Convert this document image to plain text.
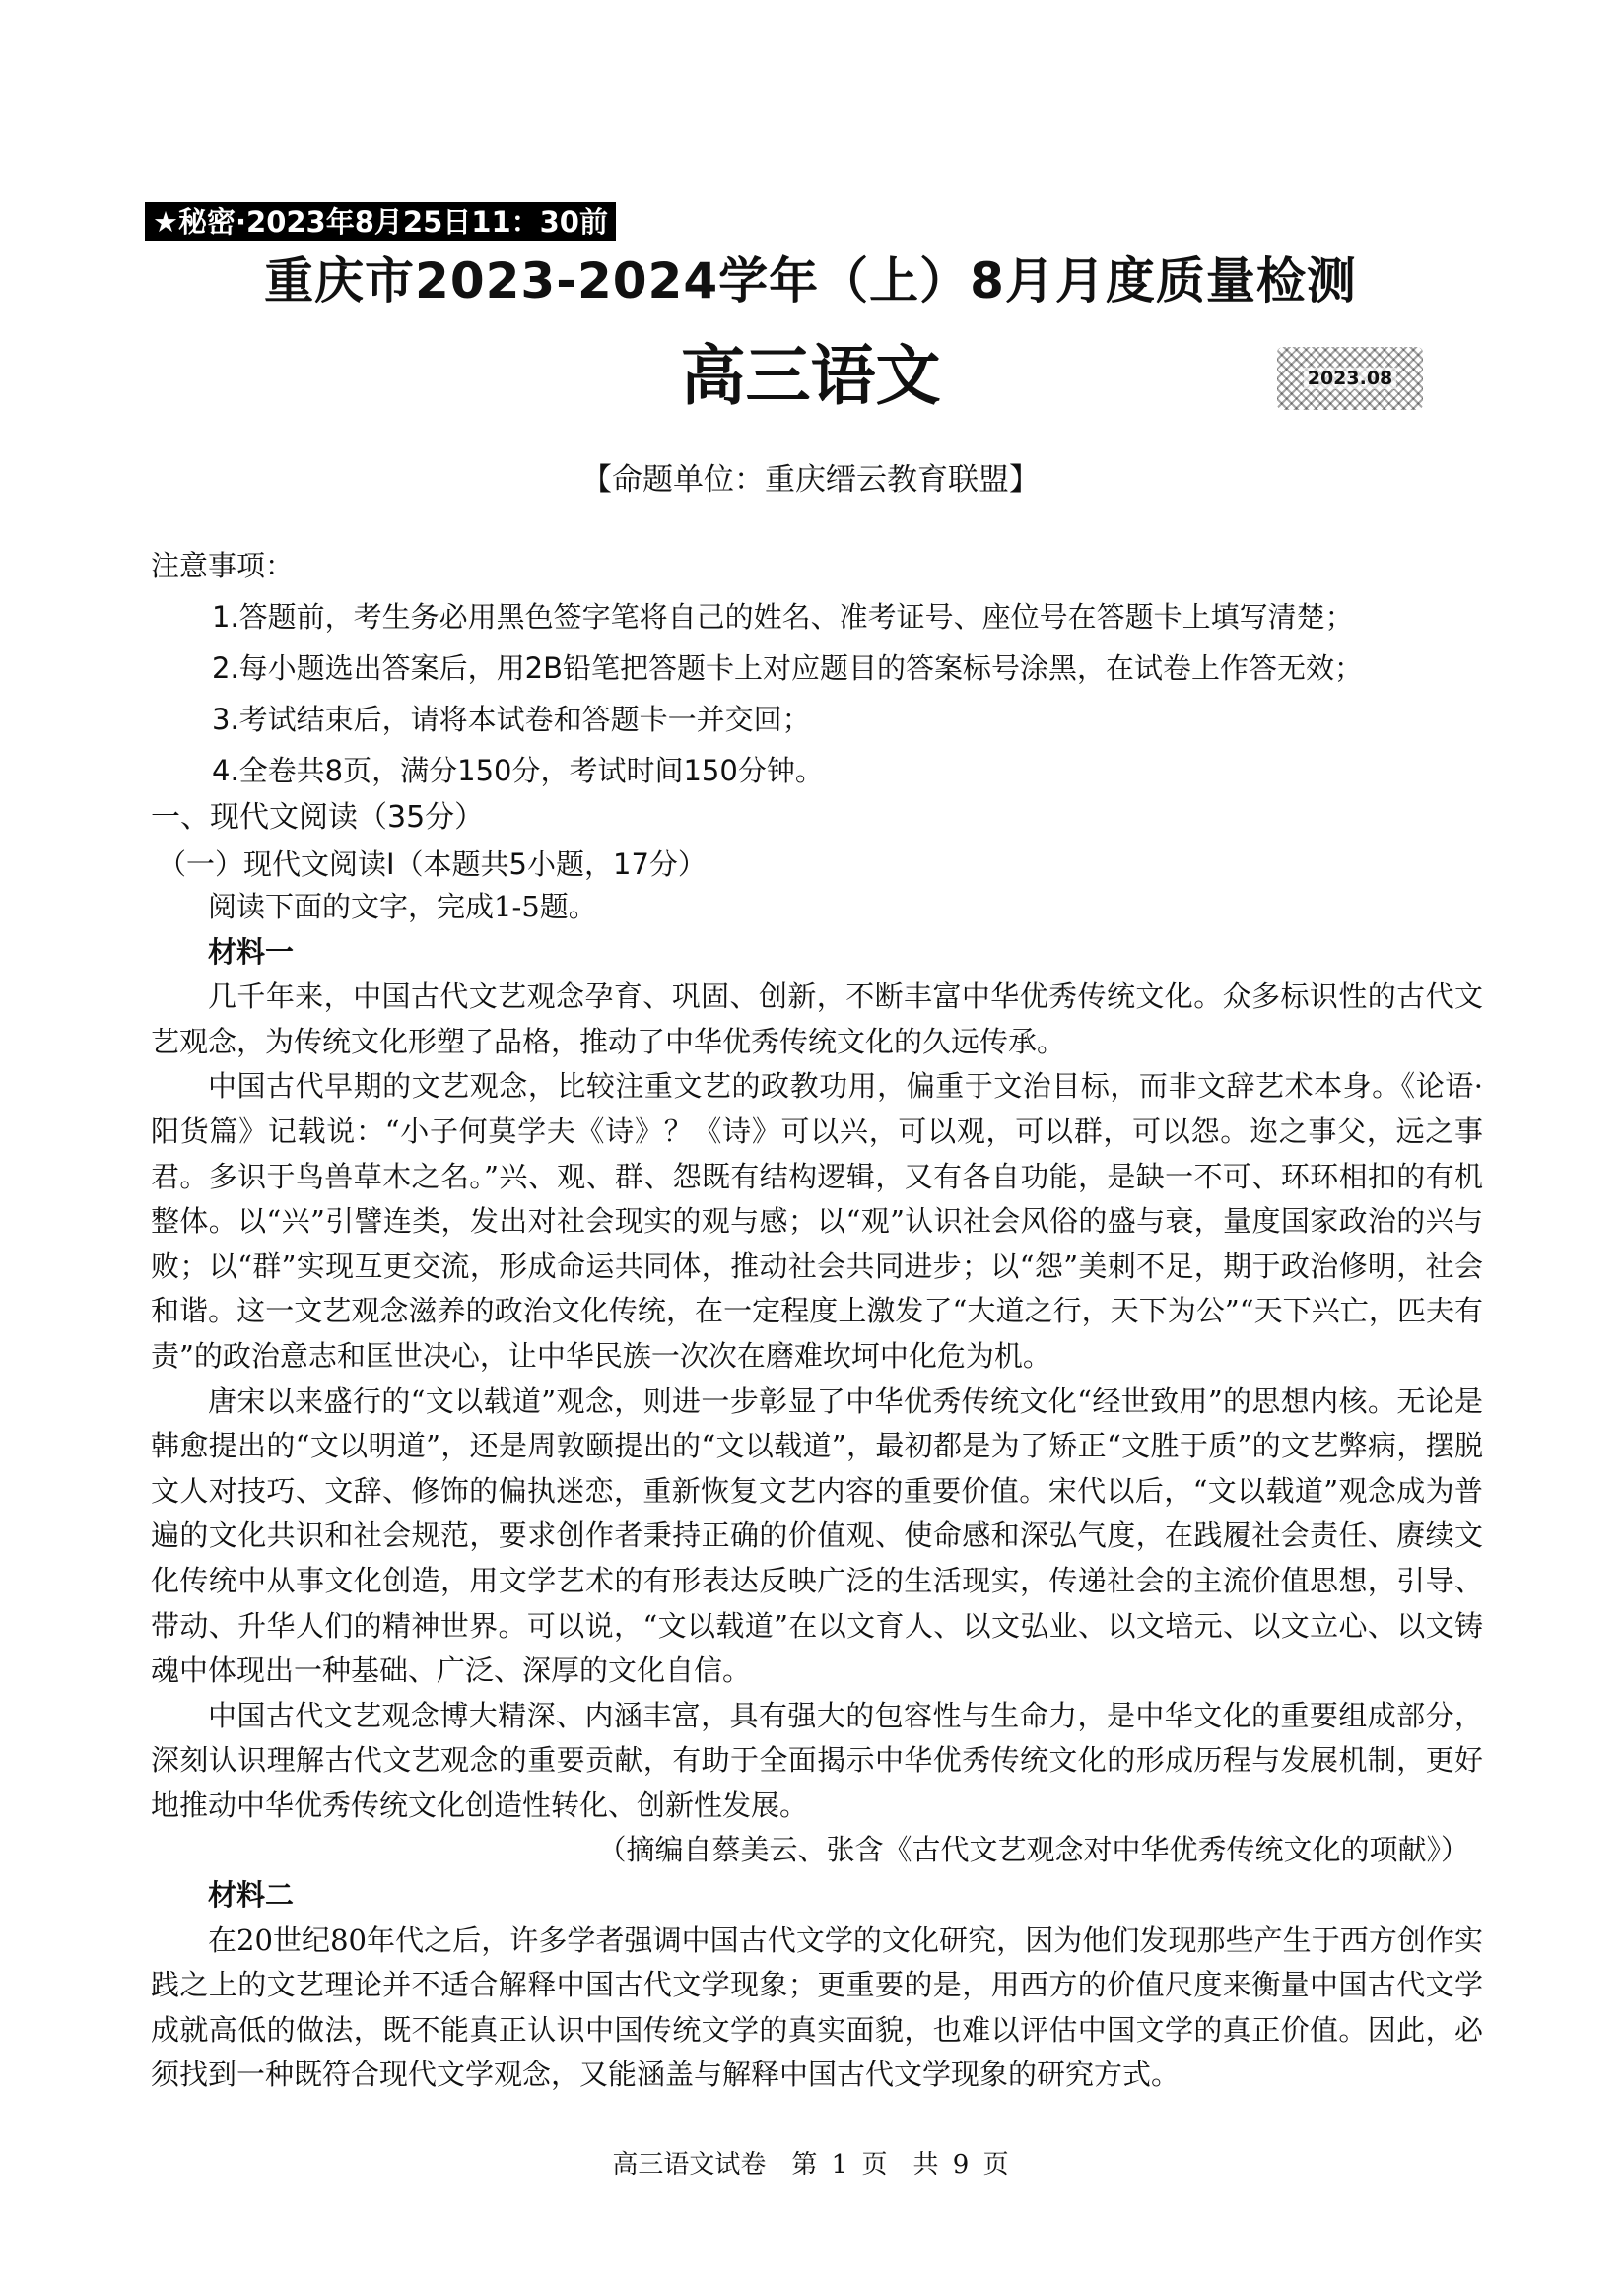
★秘密·2023年8月25日11：30前
重庆市2023-2024学年（上）8月月度质量检测
高三语文	2023.08
【命题单位：重庆缙云教育联盟】
注意事项：
1.答题前，考生务必用黑色签字笔将自己的姓名、准考证号、座位号在答题卡上填写清楚；
2.每小题选出答案后，用2B铅笔把答题卡上对应题目的答案标号涂黑，在试卷上作答无效；
3.考试结束后，请将本试卷和答题卡一并交回；
4.全卷共8页，满分150分，考试时间150分钟。
一、现代文阅读（35分）
（一）现代文阅读Ⅰ（本题共5小题，17分）

阅读下面的文字，完成1-5题。

材料一

几千年来，中国古代文艺观念孕育、巩固、创新，不断丰富中华优秀传统文化。众多标识性的古代文艺观念，为传统文化形塑了品格，推动了中华优秀传统文化的久远传承。

中国古代早期的文艺观念，比较注重文艺的政教功用，偏重于文治目标，而非文辞艺术本身。《论语·阳货篇》记载说：“小子何莫学夫《诗》？《诗》可以兴，可以观，可以群，可以怨。迩之事父，远之事君。多识于鸟兽草木之名。”兴、观、群、怨既有结构逻辑，又有各自功能，是缺一不可、环环相扣的有机整体。以“兴”引譬连类，发出对社会现实的观与感；以“观”认识社会风俗的盛与衰，量度国家政治的兴与败；以“群”实现互更交流，形成命运共同体，推动社会共同进步；以“怨”美刺不足，期于政治修明，社会和谐。这一文艺观念滋养的政治文化传统，在一定程度上激发了“大道之行，天下为公”“天下兴亡，匹夫有责”的政治意志和匡世决心，让中华民族一次次在磨难坎坷中化危为机。

唐宋以来盛行的“文以载道”观念，则进一步彰显了中华优秀传统文化“经世致用”的思想内核。无论是韩愈提出的“文以明道”，还是周敦颐提出的“文以载道”，最初都是为了矫正“文胜于质”的文艺弊病，摆脱文人对技巧、文辞、修饰的偏执迷恋，重新恢复文艺内容的重要价值。宋代以后，“文以载道”观念成为普遍的文化共识和社会规范，要求创作者秉持正确的价值观、使命感和深弘气度，在践履社会责任、赓续文化传统中从事文化创造，用文学艺术的有形表达反映广泛的生活现实，传递社会的主流价值思想，引导、带动、升华人们的精神世界。可以说，“文以载道”在以文育人、以文弘业、以文培元、以文立心、以文铸魂中体现出一种基础、广泛、深厚的文化自信。

中国古代文艺观念博大精深、内涵丰富，具有强大的包容性与生命力，是中华文化的重要组成部分，深刻认识理解古代文艺观念的重要贡献，有助于全面揭示中华优秀传统文化的形成历程与发展机制，更好地推动中华优秀传统文化创造性转化、创新性发展。

（摘编自蔡美云、张含《古代文艺观念对中华优秀传统文化的项献》）

材料二

在20世纪80年代之后，许多学者强调中国古代文学的文化研究，因为他们发现那些产生于西方创作实践之上的文艺理论并不适合解释中国古代文学现象；更重要的是，用西方的价值尺度来衡量中国古代文学成就高低的做法，既不能真正认识中国传统文学的真实面貌，也难以评估中国文学的真正价值。因此，必须找到一种既符合现代文学观念，又能涵盖与解释中国古代文学现象的研究方式。

高三语文试卷　第 1 页　共 9 页
